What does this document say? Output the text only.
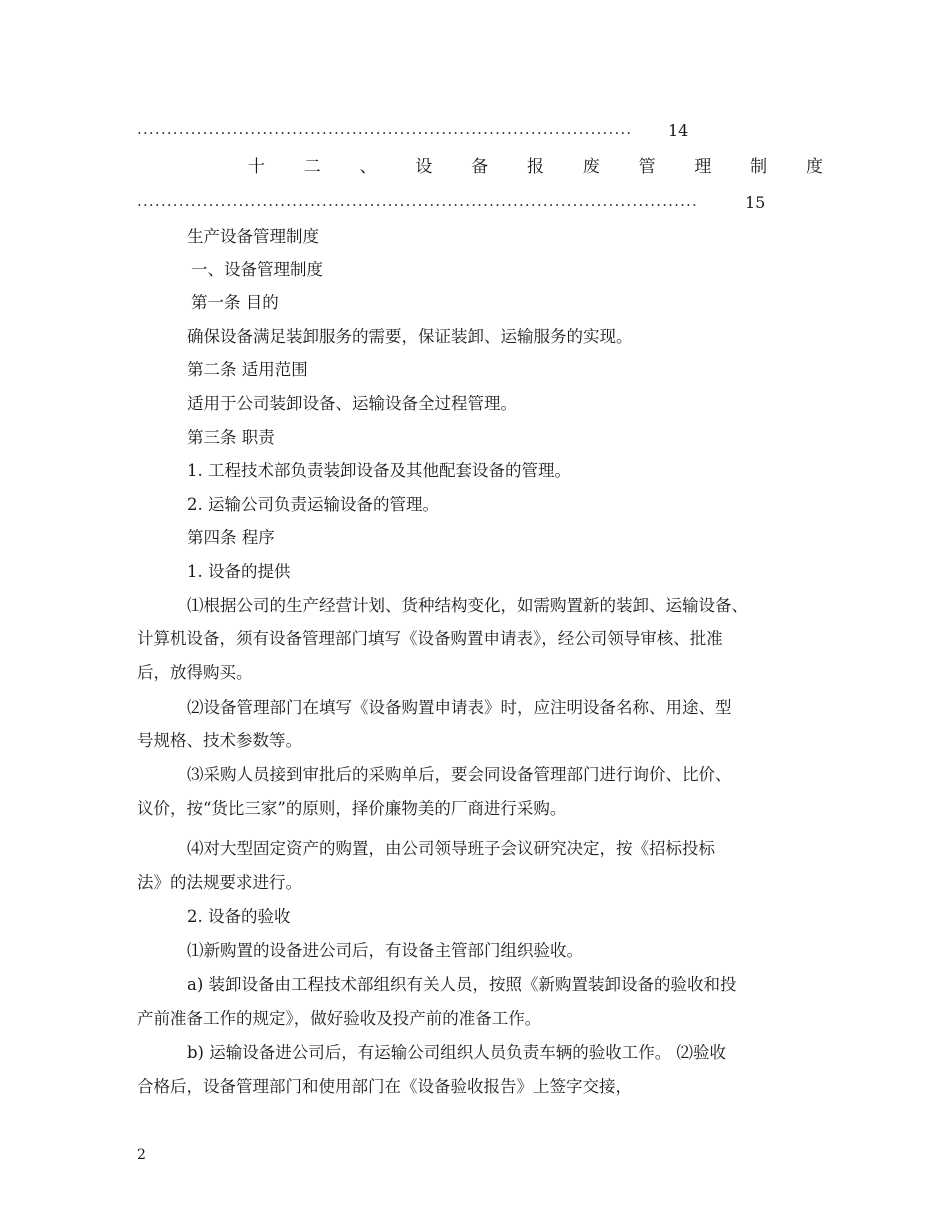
...................................................................................	14
十 二 、 设 备 报 废 管 理 制 度
..............................................................................................	15
生产设备管理制度
一、设备管理制度
第一条 目的
确保设备满足装卸服务的需要，保证装卸、运输服务的实现。
第二条 适用范围
适用于公司装卸设备、运输设备全过程管理。
第三条 职责
1. 工程技术部负责装卸设备及其他配套设备的管理。
2. 运输公司负责运输设备的管理。
第四条 程序
1. 设备的提供
⑴根据公司的生产经营计划、货种结构变化，如需购置新的装卸、运输设备、
计算机设备，须有设备管理部门填写《设备购置申请表》，经公司领导审核、批准
后，放得购买。
⑵设备管理部门在填写《设备购置申请表》时，应注明设备名称、用途、型
号规格、技术参数等。
⑶采购人员接到审批后的采购单后，要会同设备管理部门进行询价、比价、
议价，按“货比三家”的原则，择价廉物美的厂商进行采购。
⑷对大型固定资产的购置，由公司领导班子会议研究决定，按《招标投标
法》的法规要求进行。
2. 设备的验收
⑴新购置的设备进公司后，有设备主管部门组织验收。
a) 装卸设备由工程技术部组织有关人员，按照《新购置装卸设备的验收和投
产前准备工作的规定》，做好验收及投产前的准备工作。
b) 运输设备进公司后，有运输公司组织人员负责车辆的验收工作。 ⑵验收
合格后，设备管理部门和使用部门在《设备验收报告》上签字交接，
2
